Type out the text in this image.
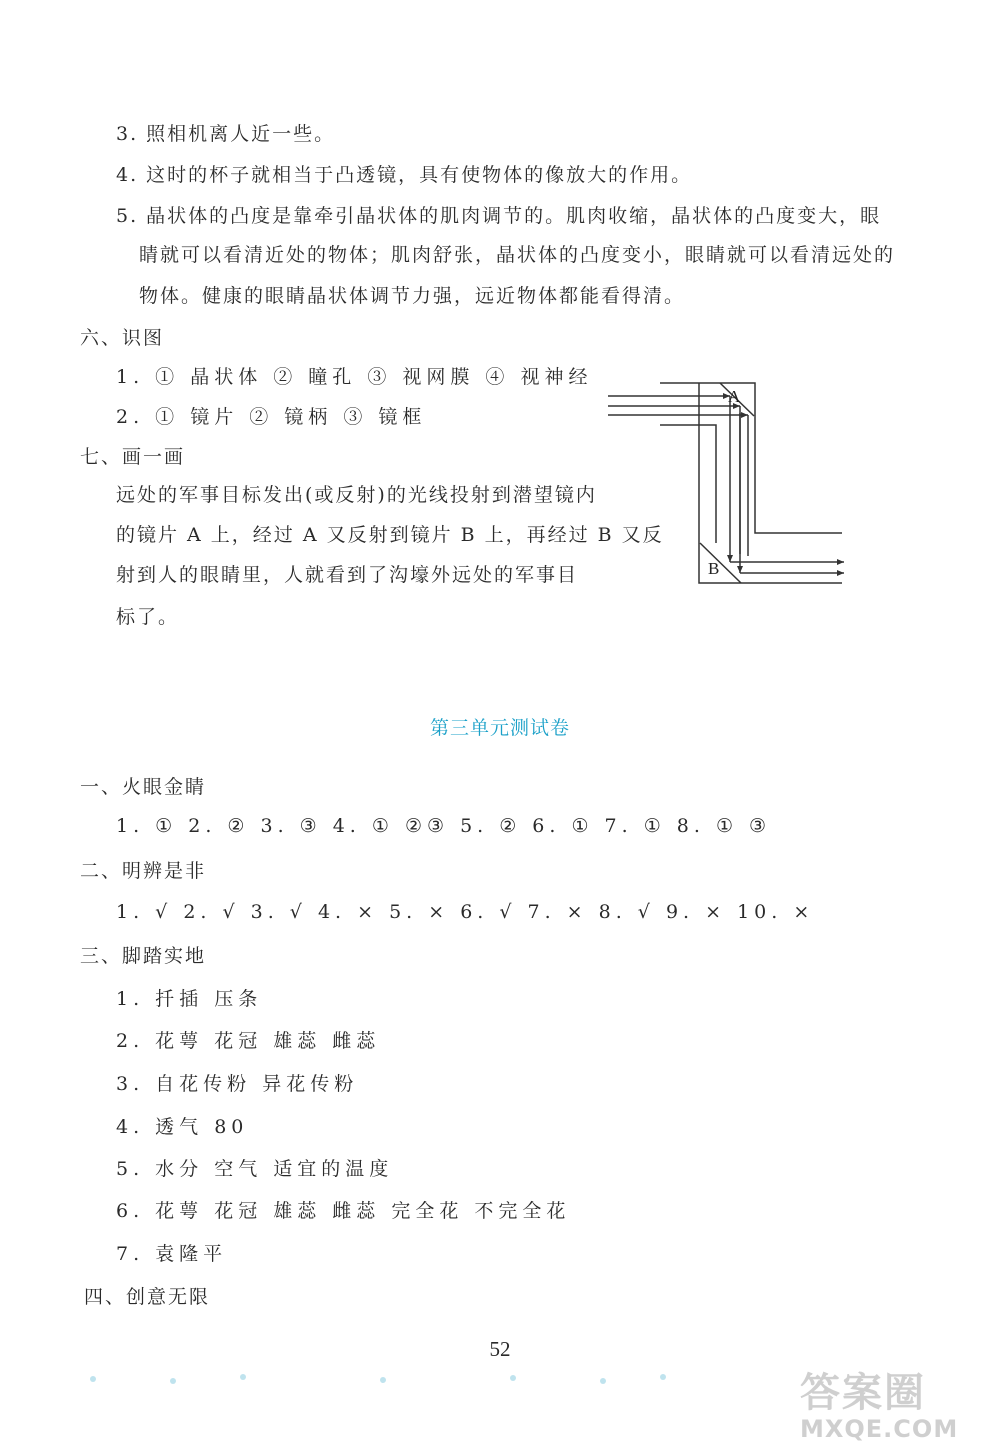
3. 照相机离人近一些。
4. 这时的杯子就相当于凸透镜，具有使物体的像放大的作用。
5. 晶状体的凸度是靠牵引晶状体的肌肉调节的。肌肉收缩，晶状体的凸度变大，眼
睛就可以看清近处的物体；肌肉舒张，晶状体的凸度变小，眼睛就可以看清远处的
物体。健康的眼睛晶状体调节力强，远近物体都能看得清。
六、识图
1. ① 晶状体 ② 瞳孔 ③ 视网膜 ④ 视神经
2. ① 镜片 ② 镜柄 ③ 镜框
七、画一画
远处的军事目标发出(或反射)的光线投射到潜望镜内
的镜片 A 上，经过 A 又反射到镜片 B 上，再经过 B 又反
射到人的眼睛里，人就看到了沟壕外远处的军事目
标了。
A
B
第三单元测试卷
一、火眼金睛
1. ① 2. ② 3. ③ 4. ① ②③ 5. ② 6. ① 7. ① 8. ① ③
二、明辨是非
1. √ 2. √ 3. √ 4. × 5. × 6. √ 7. × 8. √ 9. × 10. ×
三、脚踏实地
1. 扦插 压条
2. 花萼 花冠 雄蕊 雌蕊
3. 自花传粉 异花传粉
4. 透气 80
5. 水分 空气 适宜的温度
6. 花萼 花冠 雄蕊 雌蕊 完全花 不完全花
7. 袁隆平
四、创意无限
52
答案圈
MXQE.COM
